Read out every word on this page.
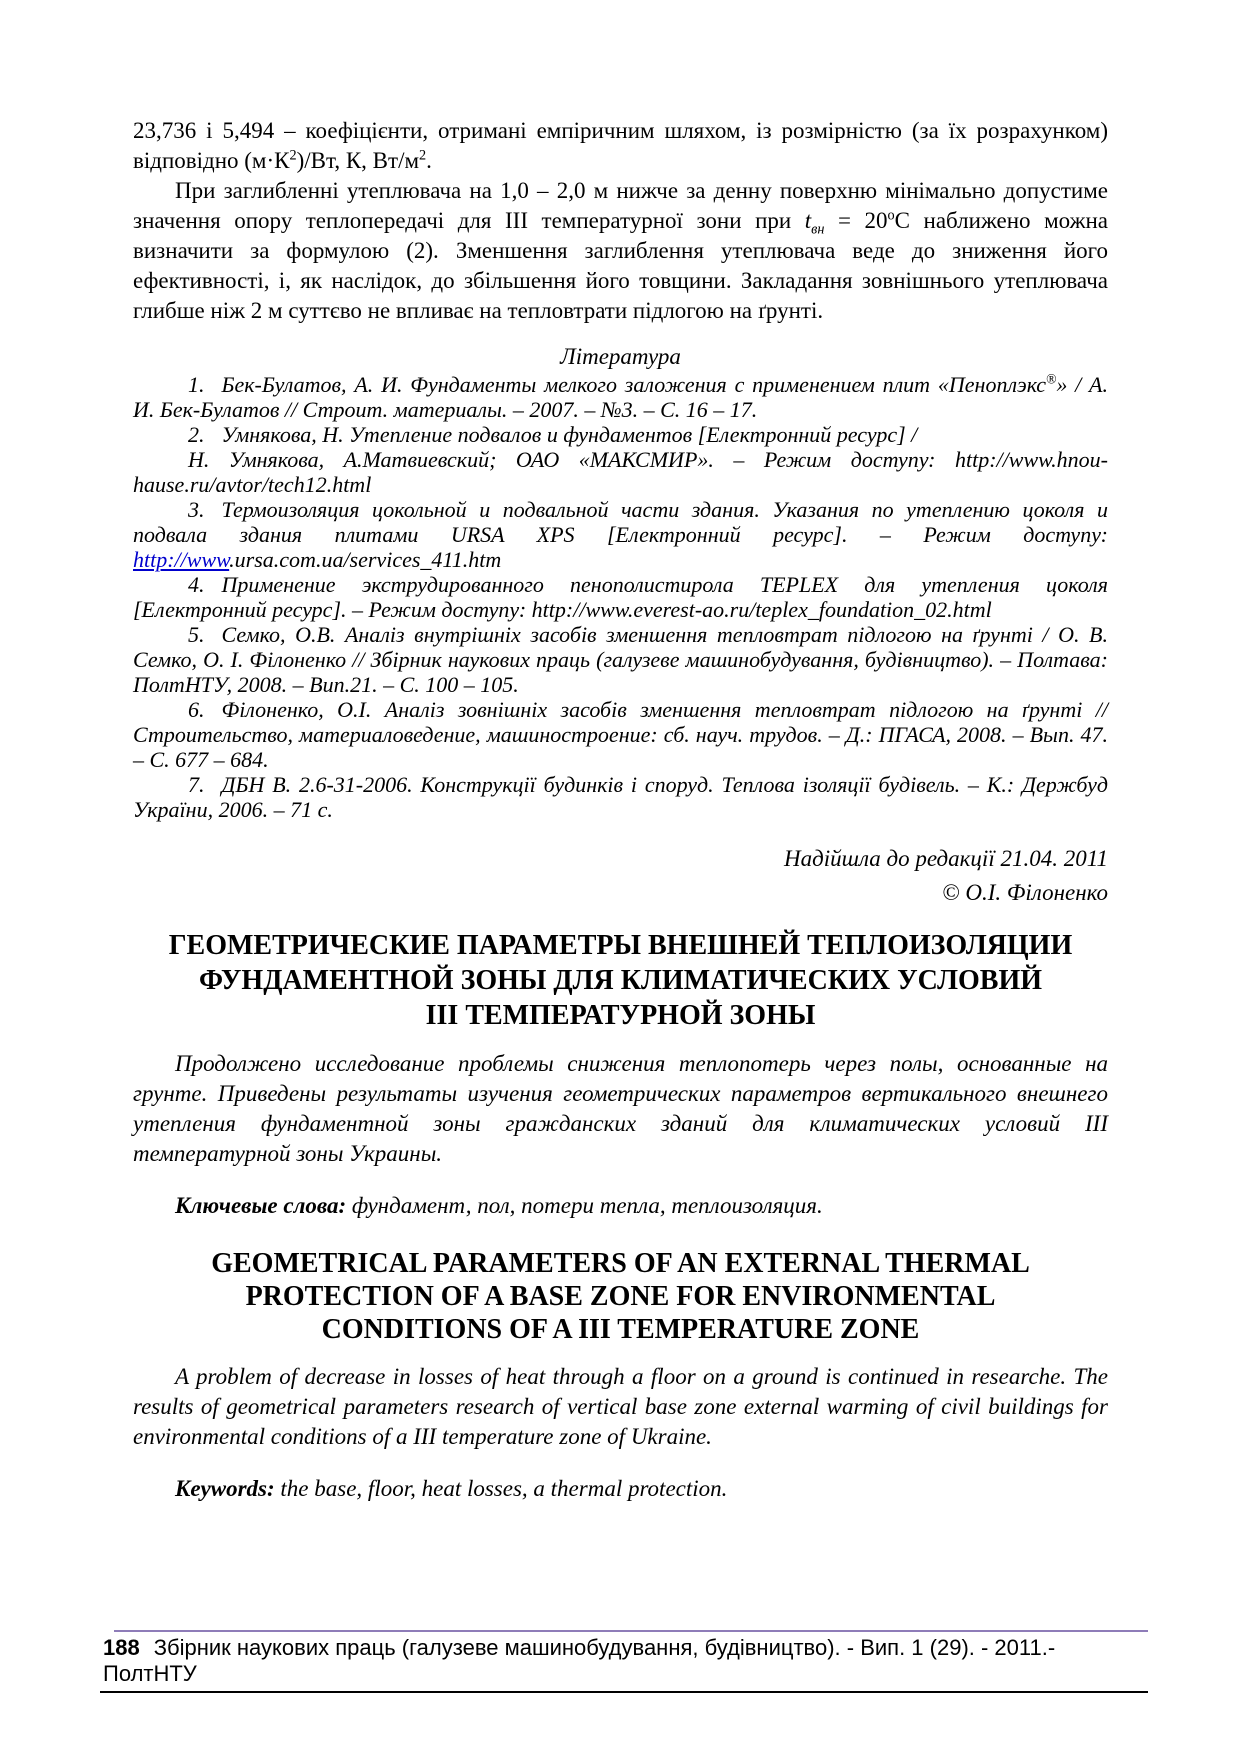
23,736 і 5,494 – коефіцієнти, отримані емпіричним шляхом, із розмірністю (за їх розрахунком) відповідно $(м\cdot К^2)/Вт$, К, $Вт/м^2$.

При заглибленні утеплювача на 1,0 – 2,0 м нижче за денну поверхню мінімально допустиме значення опору теплопередачі для III температурної зони при $t_{вн} = 20^оС$ наближено можна визначити за формулою (2). Зменшення заглиблення утеплювача веде до зниження його ефективності, і, як наслідок, до збільшення його товщини. Закладання зовнішнього утеплювача глибше ніж 2 м суттєво не впливає на тепловтрати підлогою на ґрунті.

Література

1. Бек-Булатов, А. И. Фундаменты мелкого заложения с применением плит «Пеноплэкс®» / А. И. Бек-Булатов // Строит. материалы. – 2007. – №3. – С. 16 – 17.

2. Умнякова, Н. Утепление подвалов и фундаментов [Електронний ресурс] /

Н. Умнякова, А.Матвиевский; ОАО «МАКСМИР». – Режим доступу: http://www.hnou-hause.ru/avtor/tech12.html

3. Термоизоляция цокольной и подвальной части здания. Указания по утеплению цоколя и подвала здания плитами URSA XPS [Електронний ресурс]. – Режим доступу: http://www.ursa.com.ua/services_411.htm

4. Применение экструдированного пенополистирола TEPLEX для утепления цоколя [Електронний ресурс]. – Режим доступу: http://www.everest-ao.ru/teplex_foundation_02.html

5. Семко, О.В. Аналіз внутрішніх засобів зменшення тепловтрат підлогою на ґрунті / О. В. Семко, О. І. Філоненко // Збірник наукових праць (галузеве машинобудування, будівництво). – Полтава: ПолтНТУ, 2008. – Вип.21. – С. 100 – 105.

6. Філоненко, О.І. Аналіз зовнішніх засобів зменшення тепловтрат підлогою на ґрунті // Строительство, материаловедение, машиностроение: сб. науч. трудов. – Д.: ПГАСА, 2008. – Вып. 47. – С. 677 – 684.

7. ДБН В. 2.6-31-2006. Конструкції будинків і споруд. Теплова ізоляції будівель. – К.: Держбуд України, 2006. – 71 с.

Надійшла до редакції 21.04. 2011

© О.І. Філоненко

ГЕОМЕТРИЧЕСКИЕ ПАРАМЕТРЫ ВНЕШНЕЙ ТЕПЛОИЗОЛЯЦИИ
ФУНДАМЕНТНОЙ ЗОНЫ ДЛЯ КЛИМАТИЧЕСКИХ УСЛОВИЙ
III ТЕМПЕРАТУРНОЙ ЗОНЫ

Продолжено исследование проблемы снижения теплопотерь через полы, основанные на грунте. Приведены результаты изучения геометрических параметров вертикального внешнего утепления фундаментной зоны гражданских зданий для климатических условий III температурной зоны Украины.

Ключевые слова: фундамент, пол, потери тепла, теплоизоляция.

GEOMETRICAL PARAMETERS OF AN EXTERNAL THERMAL
PROTECTION OF A BASE ZONE FOR ENVIRONMENTAL
CONDITIONS OF A III TEMPERATURE ZONE

A problem of decrease in losses of heat through a floor on a ground is continued in researche. The results of geometrical parameters research of vertical base zone external warming of civil buildings for environmental conditions of a III temperature zone of Ukraine.

Keywords: the base, floor, heat losses, a thermal protection.

188 Збірник наукових праць (галузеве машинобудування, будівництво). - Вип. 1 (29). - 2011.-ПолтНТУ
